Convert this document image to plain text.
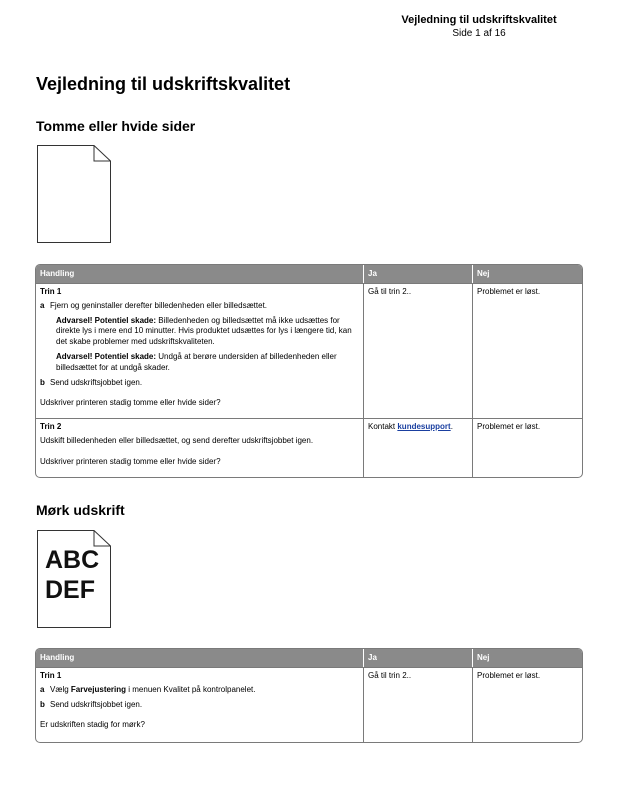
Vejledning til udskriftskvalitet
Side 1 af 16
Vejledning til udskriftskvalitet
Tomme eller hvide sider
Handling	Ja	Nej
Trin 1
a Fjern og geninstaller derefter billedenheden eller billedsættet.
Advarsel! Potentiel skade: Billedenheden og billedsættet må ikke udsættes for direkte lys i mere end 10 minutter. Hvis produktet udsættes for lys i længere tid, kan det skabe problemer med udskriftskvaliteten.
Advarsel! Potentiel skade: Undgå at berøre undersiden af billedenheden eller billedsættet for at undgå skader.
b Send udskriftsjobbet igen.
Udskriver printeren stadig tomme eller hvide sider?
Gå til trin 2..	Problemet er løst.
Trin 2
Udskift billedenheden eller billedsættet, og send derefter udskriftsjobbet igen.
Udskriver printeren stadig tomme eller hvide sider?
Kontakt kundesupport.	Problemet er løst.
Mørk udskrift
ABC
DEF
Handling	Ja	Nej
Trin 1
a Vælg Farvejustering i menuen Kvalitet på kontrolpanelet.
b Send udskriftsjobbet igen.
Er udskriften stadig for mørk?
Gå til trin 2..	Problemet er løst.
